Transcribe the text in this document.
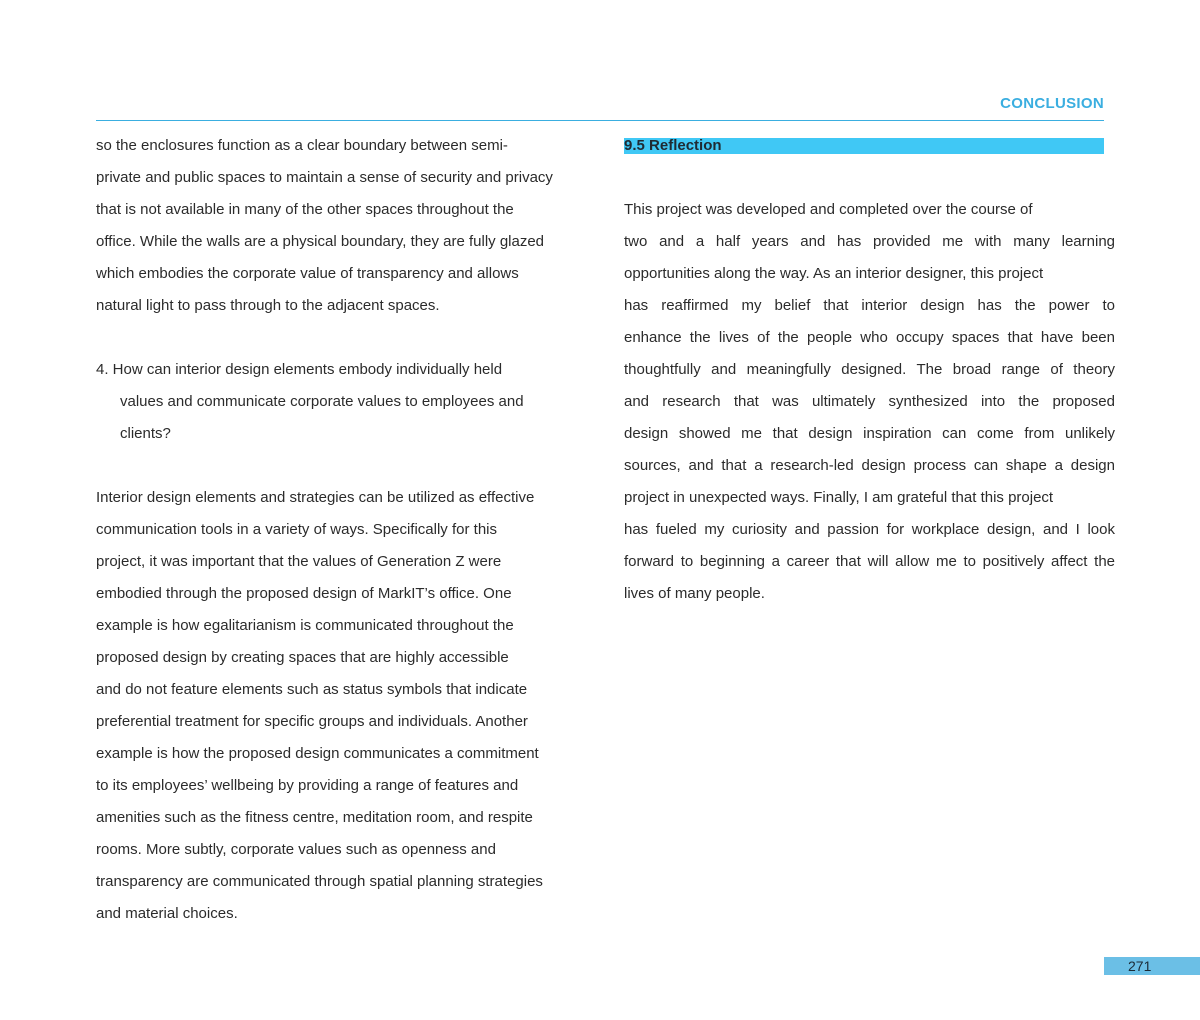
CONCLUSION
so the enclosures function as a clear boundary between semi-
private and public spaces to maintain a sense of security and privacy
that is not available in many of the other spaces throughout the
office. While the walls are a physical boundary, they are fully glazed
which embodies the corporate value of transparency and allows
natural light to pass through to the adjacent spaces.
4. How can interior design elements embody individually held
values and communicate corporate values to employees and
clients?
Interior design elements and strategies can be utilized as effective
communication tools in a variety of ways. Specifically for this
project, it was important that the values of Generation Z were
embodied through the proposed design of MarkIT’s office. One
example is how egalitarianism is communicated throughout the
proposed design by creating spaces that are highly accessible
and do not feature elements such as status symbols that indicate
preferential treatment for specific groups and individuals. Another
example is how the proposed design communicates a commitment
to its employees’ wellbeing by providing a range of features and
amenities such as the fitness centre, meditation room, and respite
rooms. More subtly, corporate values such as openness and
transparency are communicated through spatial planning strategies
and material choices.
9.5 Reflection
This project was developed and completed over the course of
two and a half years and has provided me with many learning
opportunities along the way. As an interior designer, this project
has reaffirmed my belief that interior design has the power to
enhance the lives of the people who occupy spaces that have been
thoughtfully and meaningfully designed. The broad range of theory
and research that was ultimately synthesized into the proposed
design showed me that design inspiration can come from unlikely
sources, and that a research-led design process can shape a design
project in unexpected ways. Finally, I am grateful that this project
has fueled my curiosity and passion for workplace design, and I look
forward to beginning a career that will allow me to positively affect the
lives of many people.
271
